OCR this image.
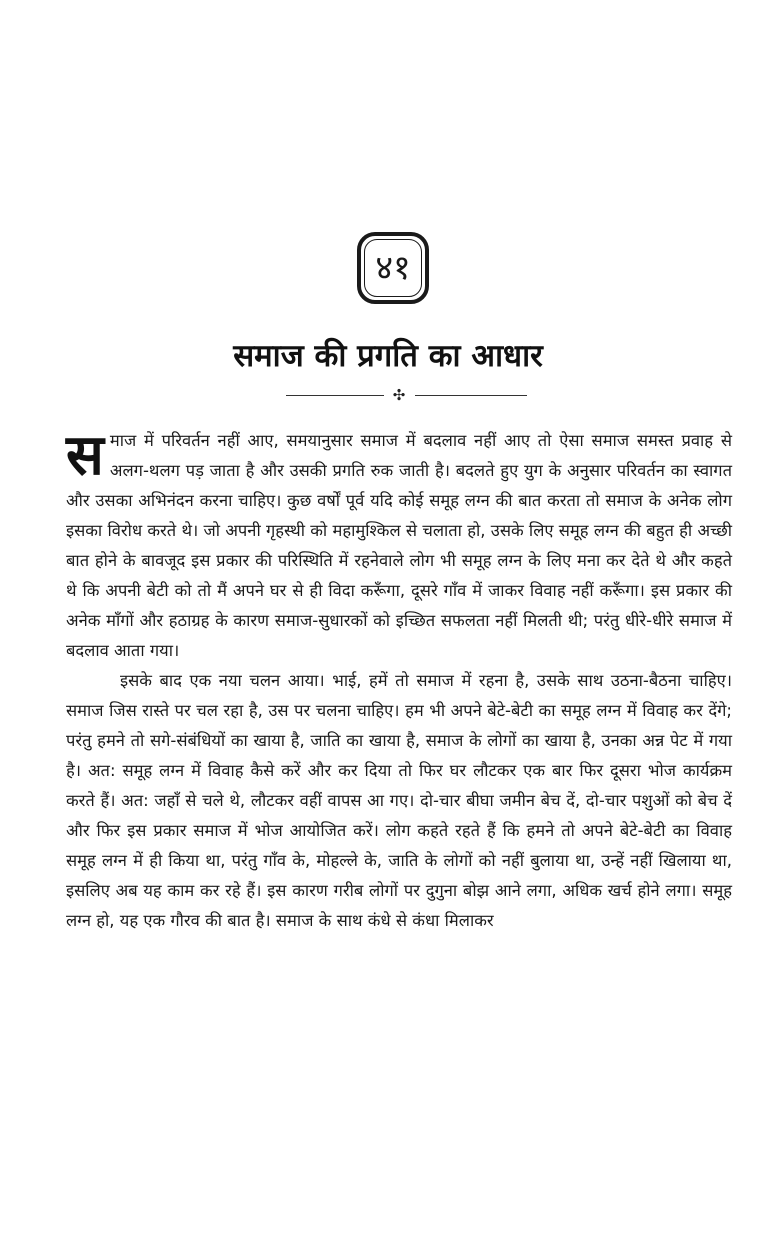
४१
समाज की प्रगति का आधार
✣

समाज में परिवर्तन नहीं आए, समयानुसार समाज में बदलाव नहीं आए तो ऐसा समाज समस्त प्रवाह से अलग-थलग पड़ जाता है और उसकी प्रगति रुक जाती है। बदलते हुए युग के अनुसार परिवर्तन का स्वागत और उसका अभिनंदन करना चाहिए। कुछ वर्षों पूर्व यदि कोई समूह लग्न की बात करता तो समाज के अनेक लोग इसका विरोध करते थे। जो अपनी गृहस्थी को महामुश्किल से चलाता हो, उसके लिए समूह लग्न की बहुत ही अच्छी बात होने के बावजूद इस प्रकार की परिस्थिति में रहनेवाले लोग भी समूह लग्न के लिए मना कर देते थे और कहते थे कि अपनी बेटी को तो मैं अपने घर से ही विदा करूँगा, दूसरे गाँव में जाकर विवाह नहीं करूँगा। इस प्रकार की अनेक माँगों और हठाग्रह के कारण समाज-सुधारकों को इच्छित सफलता नहीं मिलती थी; परंतु धीरे-धीरे समाज में बदलाव आता गया।

इसके बाद एक नया चलन आया। भाई, हमें तो समाज में रहना है, उसके साथ उठना-बैठना चाहिए। समाज जिस रास्ते पर चल रहा है, उस पर चलना चाहिए। हम भी अपने बेटे-बेटी का समूह लग्न में विवाह कर देंगे; परंतु हमने तो सगे-संबंधियों का खाया है, जाति का खाया है, समाज के लोगों का खाया है, उनका अन्न पेट में गया है। अत: समूह लग्न में विवाह कैसे करें और कर दिया तो फिर घर लौटकर एक बार फिर दूसरा भोज कार्यक्रम करते हैं। अत: जहाँ से चले थे, लौटकर वहीं वापस आ गए। दो-चार बीघा जमीन बेच दें, दो-चार पशुओं को बेच दें और फिर इस प्रकार समाज में भोज आयोजित करें। लोग कहते रहते हैं कि हमने तो अपने बेटे-बेटी का विवाह समूह लग्न में ही किया था, परंतु गाँव के, मोहल्ले के, जाति के लोगों को नहीं बुलाया था, उन्हें नहीं खिलाया था, इसलिए अब यह काम कर रहे हैं। इस कारण गरीब लोगों पर दुगुना बोझ आने लगा, अधिक खर्च होने लगा। समूह लग्न हो, यह एक गौरव की बात है। समाज के साथ कंधे से कंधा मिलाकर
